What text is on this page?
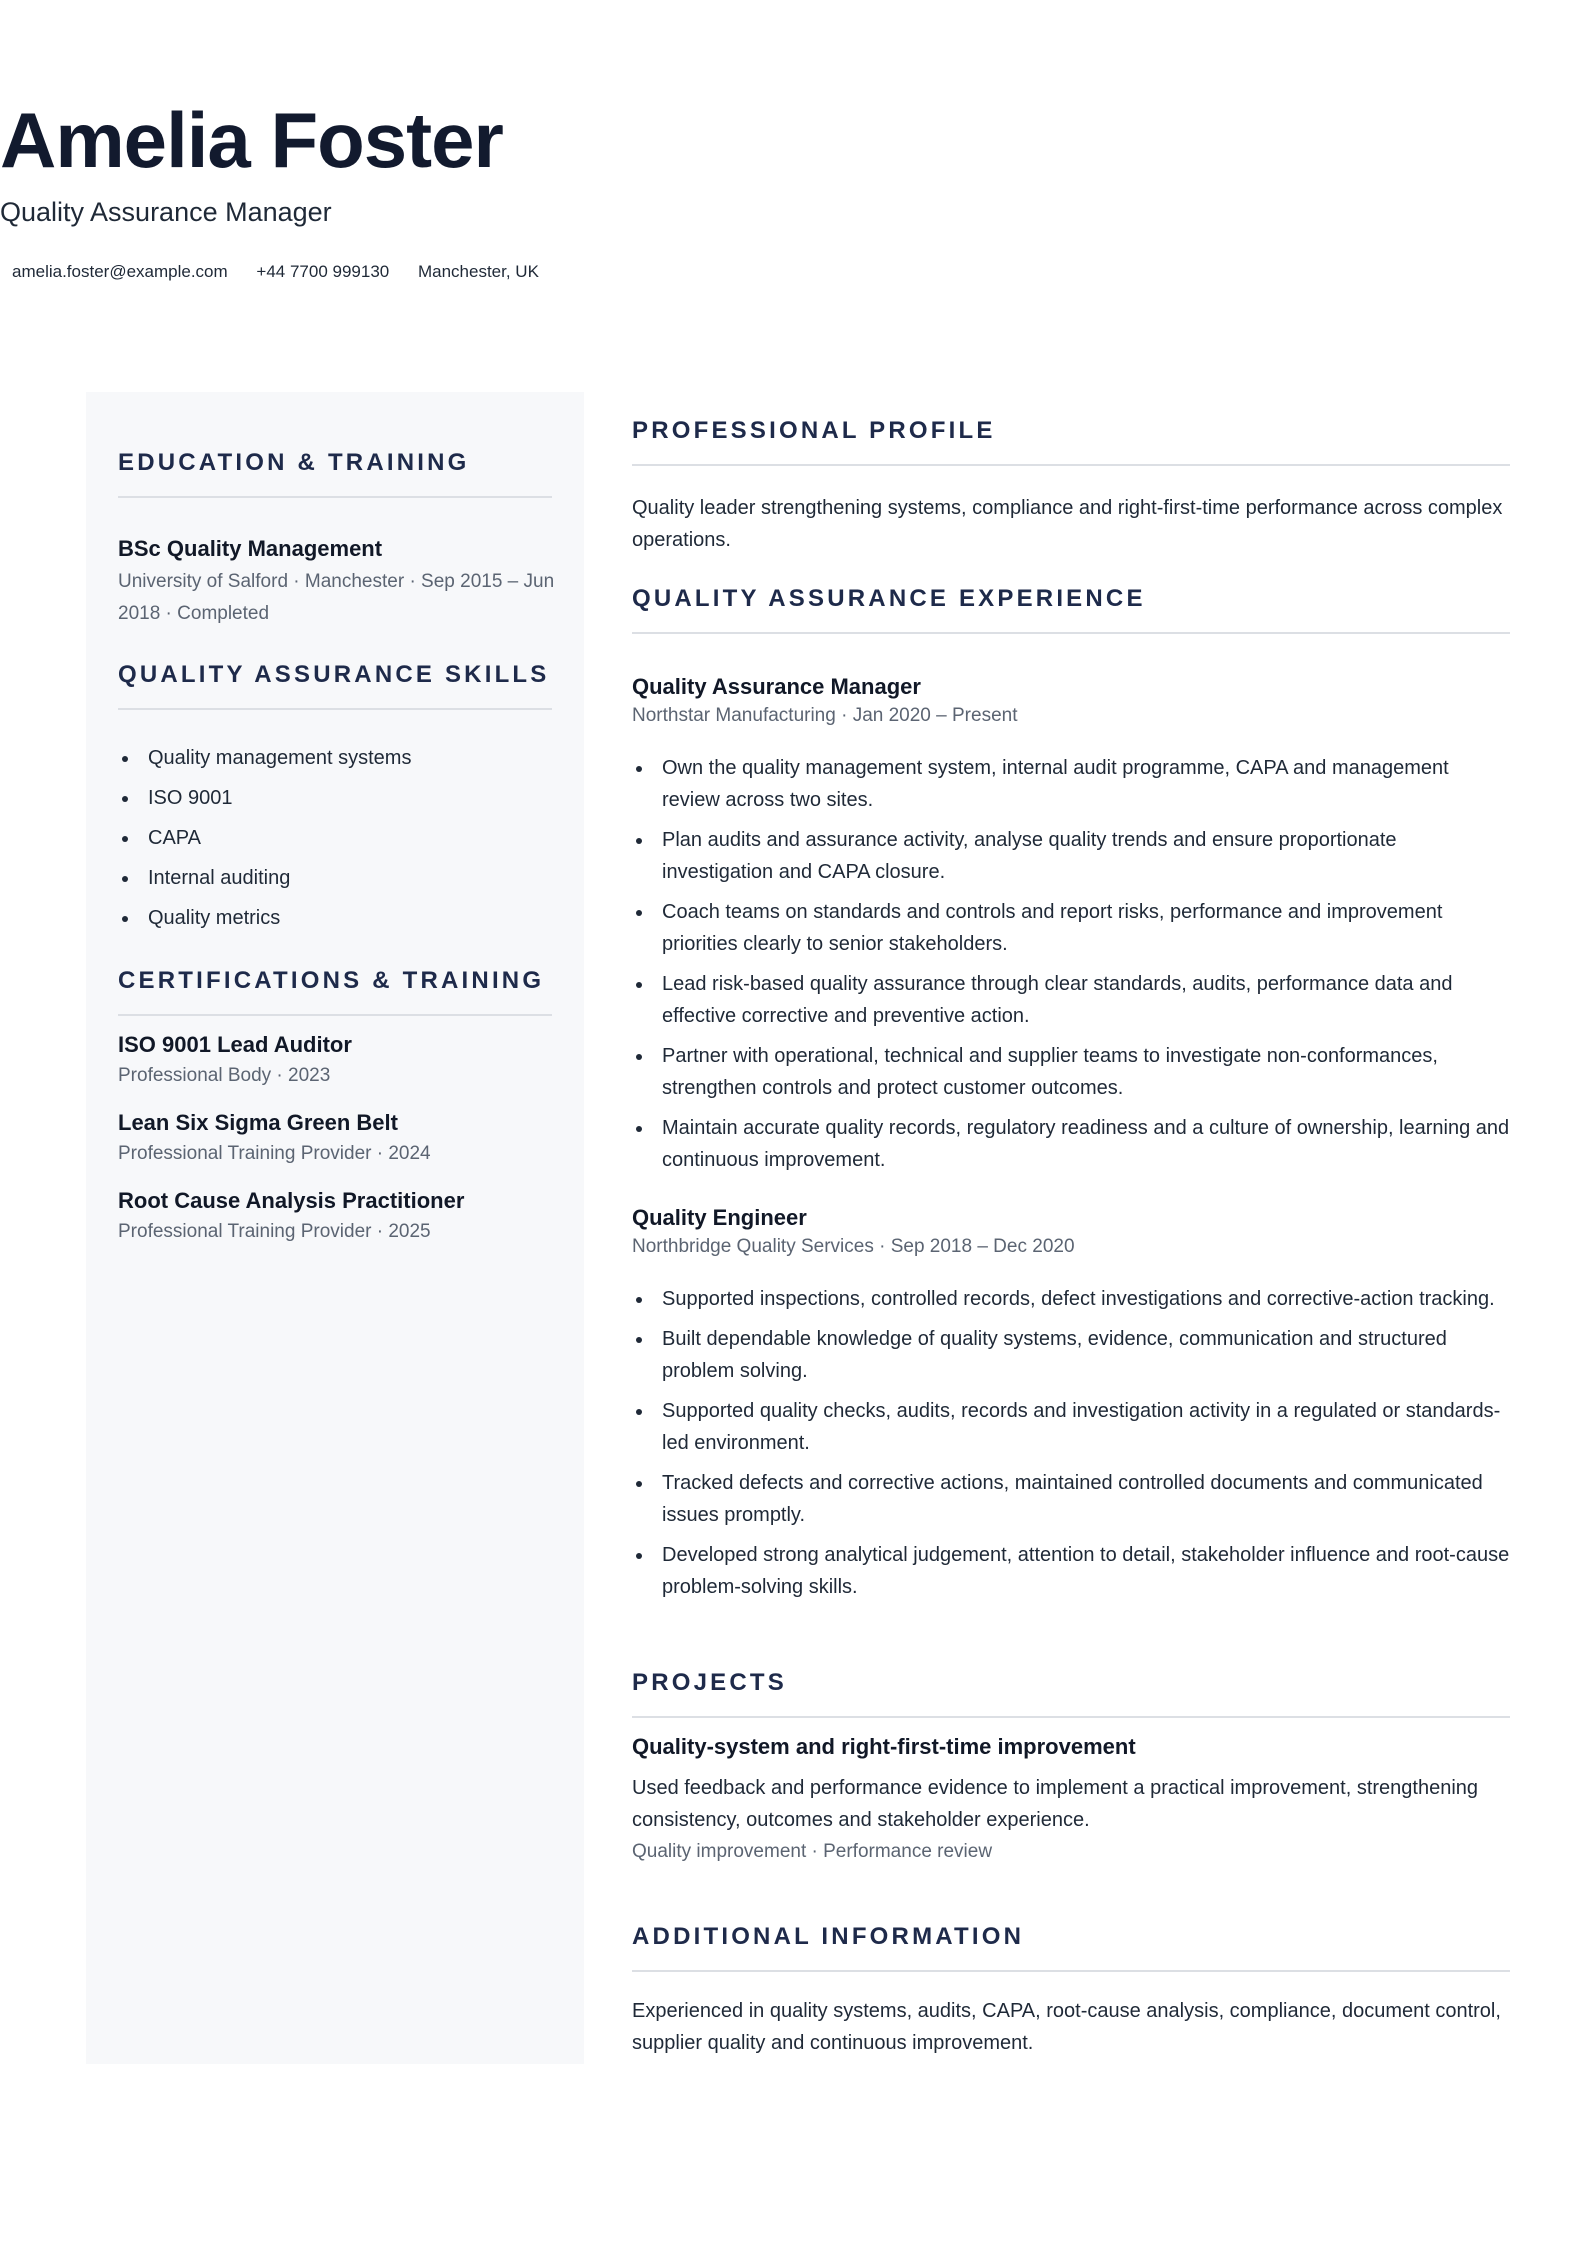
Amelia Foster
Quality Assurance Manager
amelia.foster@example.com +44 7700 999130 Manchester, UK
EDUCATION & TRAINING
BSc Quality Management
University of Salford · Manchester · Sep 2015 – Jun 2018 · Completed
QUALITY ASSURANCE SKILLS
Quality management systems
ISO 9001
CAPA
Internal auditing
Quality metrics
CERTIFICATIONS & TRAINING
ISO 9001 Lead Auditor
Professional Body · 2023
Lean Six Sigma Green Belt
Professional Training Provider · 2024
Root Cause Analysis Practitioner
Professional Training Provider · 2025
PROFESSIONAL PROFILE
Quality leader strengthening systems, compliance and right-first-time performance across complex operations.
QUALITY ASSURANCE EXPERIENCE
Quality Assurance Manager
Northstar Manufacturing · Jan 2020 – Present
Own the quality management system, internal audit programme, CAPA and management review across two sites.
Plan audits and assurance activity, analyse quality trends and ensure proportionate investigation and CAPA closure.
Coach teams on standards and controls and report risks, performance and improvement priorities clearly to senior stakeholders.
Lead risk-based quality assurance through clear standards, audits, performance data and effective corrective and preventive action.
Partner with operational, technical and supplier teams to investigate non-conformances, strengthen controls and protect customer outcomes.
Maintain accurate quality records, regulatory readiness and a culture of ownership, learning and continuous improvement.
Quality Engineer
Northbridge Quality Services · Sep 2018 – Dec 2020
Supported inspections, controlled records, defect investigations and corrective-action tracking.
Built dependable knowledge of quality systems, evidence, communication and structured problem solving.
Supported quality checks, audits, records and investigation activity in a regulated or standards-led environment.
Tracked defects and corrective actions, maintained controlled documents and communicated issues promptly.
Developed strong analytical judgement, attention to detail, stakeholder influence and root-cause problem-solving skills.
PROJECTS
Quality-system and right-first-time improvement
Used feedback and performance evidence to implement a practical improvement, strengthening consistency, outcomes and stakeholder experience.
Quality improvement · Performance review
ADDITIONAL INFORMATION
Experienced in quality systems, audits, CAPA, root-cause analysis, compliance, document control, supplier quality and continuous improvement.
